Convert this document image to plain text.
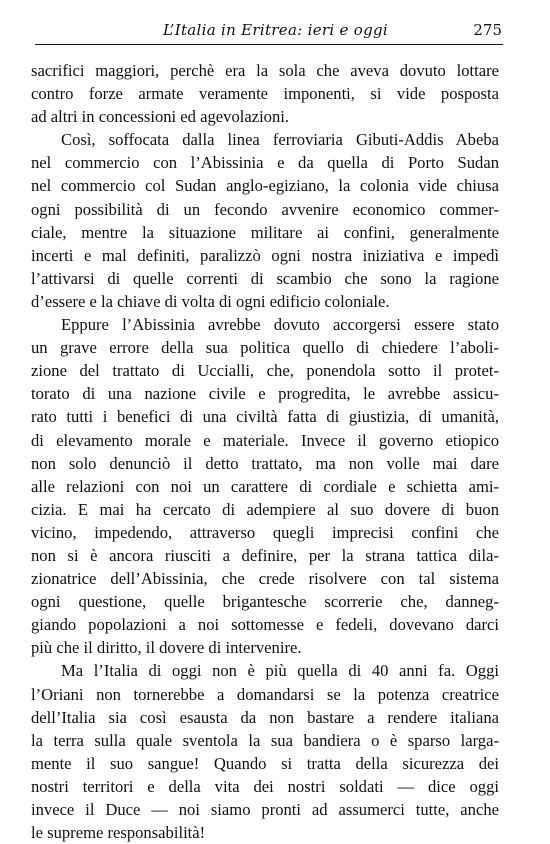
L’Italia in Eritrea: ieri e oggi	275

sacrifici maggiori, perchè era la sola che aveva dovuto lottare
contro forze armate veramente imponenti, si vide posposta
ad altri in concessioni ed agevolazioni.

Così, soffocata dalla linea ferroviaria Gibuti-Addis Abeba
nel commercio con l’Abissinia e da quella di Porto Sudan
nel commercio col Sudan anglo-egiziano, la colonia vide chiusa
ogni possibilità di un fecondo avvenire economico commer-
ciale, mentre la situazione militare ai confini, generalmente
incerti e mal definiti, paralizzò ogni nostra iniziativa e impedì
l’attivarsi di quelle correnti di scambio che sono la ragione
d’essere e la chiave di volta di ogni edificio coloniale.

Eppure l’Abissinia avrebbe dovuto accorgersi essere stato
un grave errore della sua politica quello di chiedere l’aboli-
zione del trattato di Uccialli, che, ponendola sotto il protet-
torato di una nazione civile e progredita, le avrebbe assicu-
rato tutti i benefici di una civiltà fatta di giustizia, di umanità,
di elevamento morale e materiale. Invece il governo etiopico
non solo denunciò il detto trattato, ma non volle mai dare
alle relazioni con noi un carattere di cordiale e schietta ami-
cizia. E mai ha cercato di adempiere al suo dovere di buon
vicino, impedendo, attraverso quegli imprecisi confini che
non si è ancora riusciti a definire, per la strana tattica dila-
zionatrice dell’Abissinia, che crede risolvere con tal sistema
ogni questione, quelle brigantesche scorrerie che, danneg-
giando popolazioni a noi sottomesse e fedeli, dovevano darci
più che il diritto, il dovere di intervenire.

Ma l’Italia di oggi non è più quella di 40 anni fa. Oggi
l’Oriani non tornerebbe a domandarsi se la potenza creatrice
dell’Italia sia così esausta da non bastare a rendere italiana
la terra sulla quale sventola la sua bandiera o è sparso larga-
mente il suo sangue! Quando si tratta della sicurezza dei
nostri territori e della vita dei nostri soldati — dice oggi
invece il Duce — noi siamo pronti ad assumerci tutte, anche
le supreme responsabilità!
